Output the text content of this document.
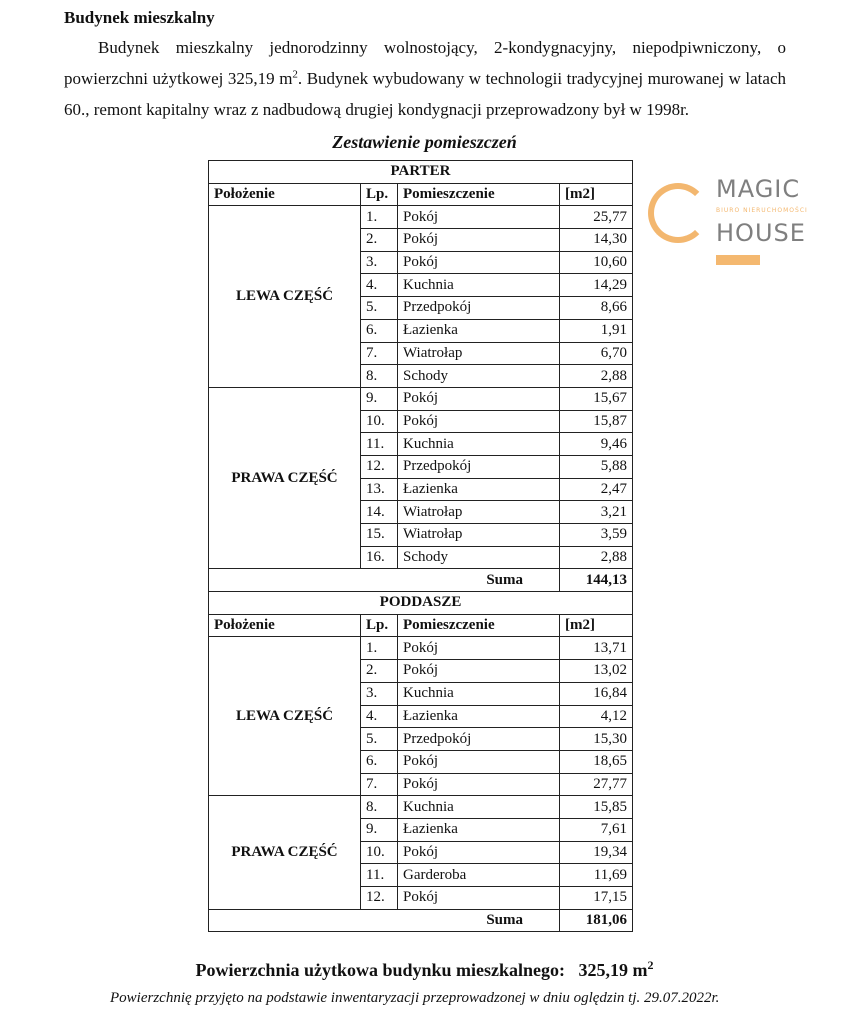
Budynek mieszkalny
Budynek mieszkalny jednorodzinny wolnostojący, 2-kondygnacyjny, niepodpiwniczony, o powierzchni użytkowej 325,19 $m^2$. Budynek wybudowany w technologii tradycyjnej murowanej w latach 60., remont kapitalny wraz z nadbudową drugiej kondygnacji przeprowadzony był w 1998r.
Zestawienie pomieszczeń
PARTER			
Położenie	Lp.	Pomieszczenie	[m2]
LEWA CZĘŚĆ	1.	Pokój	25,77
	2.	Pokój	14,30
	3.	Pokój	10,60
	4.	Kuchnia	14,29
	5.	Przedpokój	8,66
	6.	Łazienka	1,91
	7.	Wiatrołap	6,70
	8.	Schody	2,88
PRAWA CZĘŚĆ	9.	Pokój	15,67
	10.	Pokój	15,87
	11.	Kuchnia	9,46
	12.	Przedpokój	5,88
	13.	Łazienka	2,47
	14.	Wiatrołap	3,21
	15.	Wiatrołap	3,59
	16.	Schody	2,88
Suma			144,13
PODDASZE			
Położenie	Lp.	Pomieszczenie	[m2]
LEWA CZĘŚĆ	1.	Pokój	13,71
	2.	Pokój	13,02
	3.	Kuchnia	16,84
	4.	Łazienka	4,12
	5.	Przedpokój	15,30
	6.	Pokój	18,65
	7.	Pokój	27,77
PRAWA CZĘŚĆ	8.	Kuchnia	15,85
	9.	Łazienka	7,61
	10.	Pokój	19,34
	11.	Garderoba	11,69
	12.	Pokój	17,15
Suma			181,06
Powierzchnia użytkowa budynku mieszkalnego: 325,19 $m^2$
Powierzchnię przyjęto na podstawie inwentaryzacji przeprowadzonej w dniu oględzin tj. 29.07.2022r.
MAGIC
BIURO NIERUCHOMOŚCI
HOUSE
